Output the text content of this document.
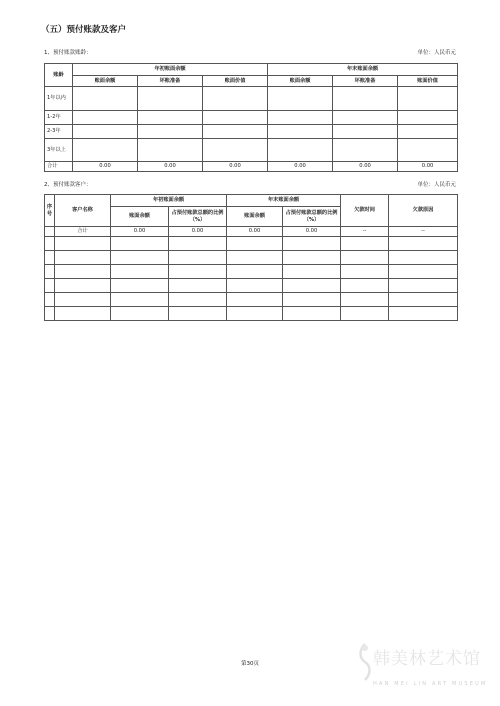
（五）预付账款及客户
1、预付账款账龄：	单位：人民币元
账龄	年初账面余额			年末账面余额		
	账面余额	坏账准备	账面价值	账面余额	坏账准备	账面价值
1年以内						
1-2年						
2-3年						
3年以上						
合计	0.00	0.00	0.00	0.00	0.00	0.00
2、预付账款客户：	单位：人民币元
序号	客户名称	年初账面余额		年末账面余额		欠款时间	欠款原因
		账面余额	占预付账款总额的比例（%）	账面余额	占预付账款总额的比例（%）		
	合计	0.00	0.00	0.00	0.00	--	--

第30页	韩美林艺术馆
HAN MEI LIN ART MUSEUM
